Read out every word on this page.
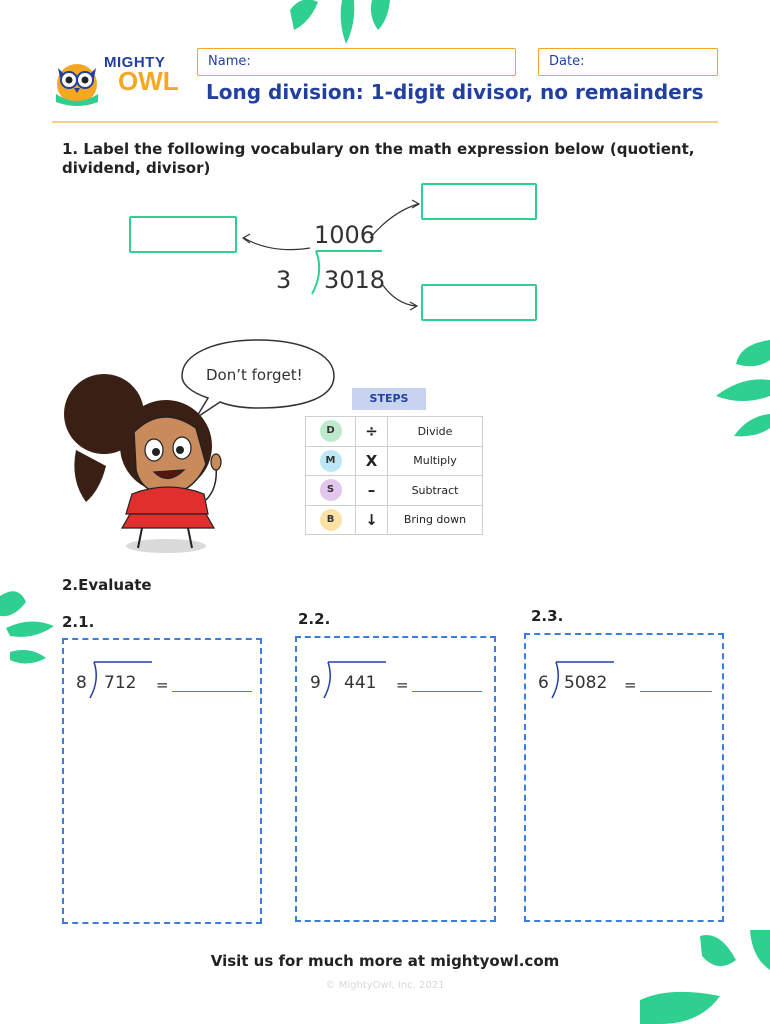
MIGHTY
OWL
Name:	Date:
Long division: 1-digit divisor, no remainders
1. Label the following vocabulary on the math expression below (quotient, dividend, divisor)
1006
3 3018
Don’t forget!
STEPS
D	÷	Divide
M	X	Multiply
S	–	Subtract
B	↓	Bring down
2.Evaluate
2.1.
8 712 =
2.2.
9 441 =
2.3.
6 5082 =
Visit us for much more at mightyowl.com
© MightyOwl, Inc. 2021
